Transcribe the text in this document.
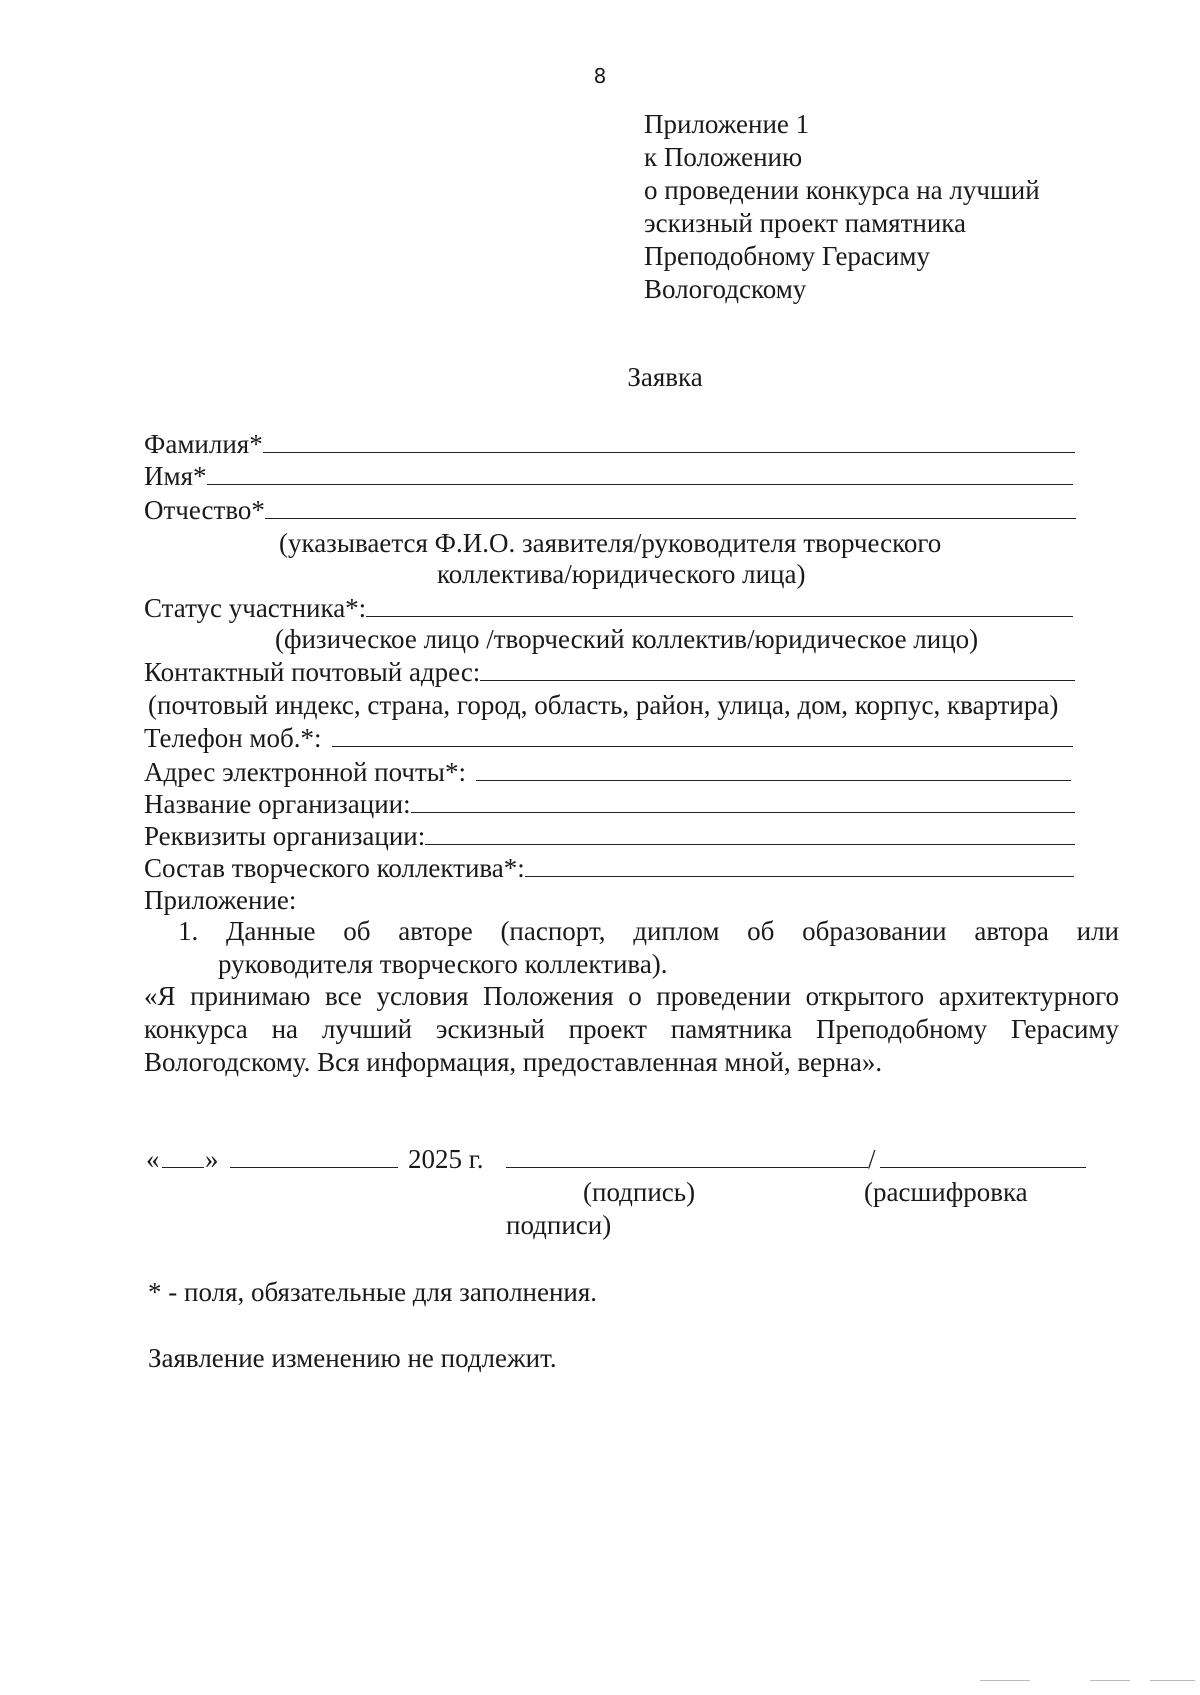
8
Приложение 1
к Положению
о проведении конкурса на лучший
эскизный проект памятника
Преподобному Герасиму
Вологодскому
Заявка
Фамилия*
Имя*
Отчество*
(указывается Ф.И.О. заявителя/руководителя творческого
коллектива/юридического лица)
Статус участника*:
(физическое лицо /творческий коллектив/юридическое лицо)
Контактный почтовый адрес:
(почтовый индекс, страна, город, область, район, улица, дом, корпус, квартира)
Телефон моб.*:
Адрес электронной почты*:
Название организации:
Реквизиты организации:
Состав творческого коллектива*:
Приложение:
1. Данные об авторе (паспорт, диплом об образовании автора или
руководителя творческого коллектива).
«Я принимаю все условия Положения о проведении открытого архитектурного
конкурса на лучший эскизный проект памятника Преподобному Герасиму
Вологодскому. Вся информация, предоставленная мной, верна».
« »	2025 г.	/
(подпись)	(расшифровка
подписи)
* - поля, обязательные для заполнения.
Заявление изменению не подлежит.
